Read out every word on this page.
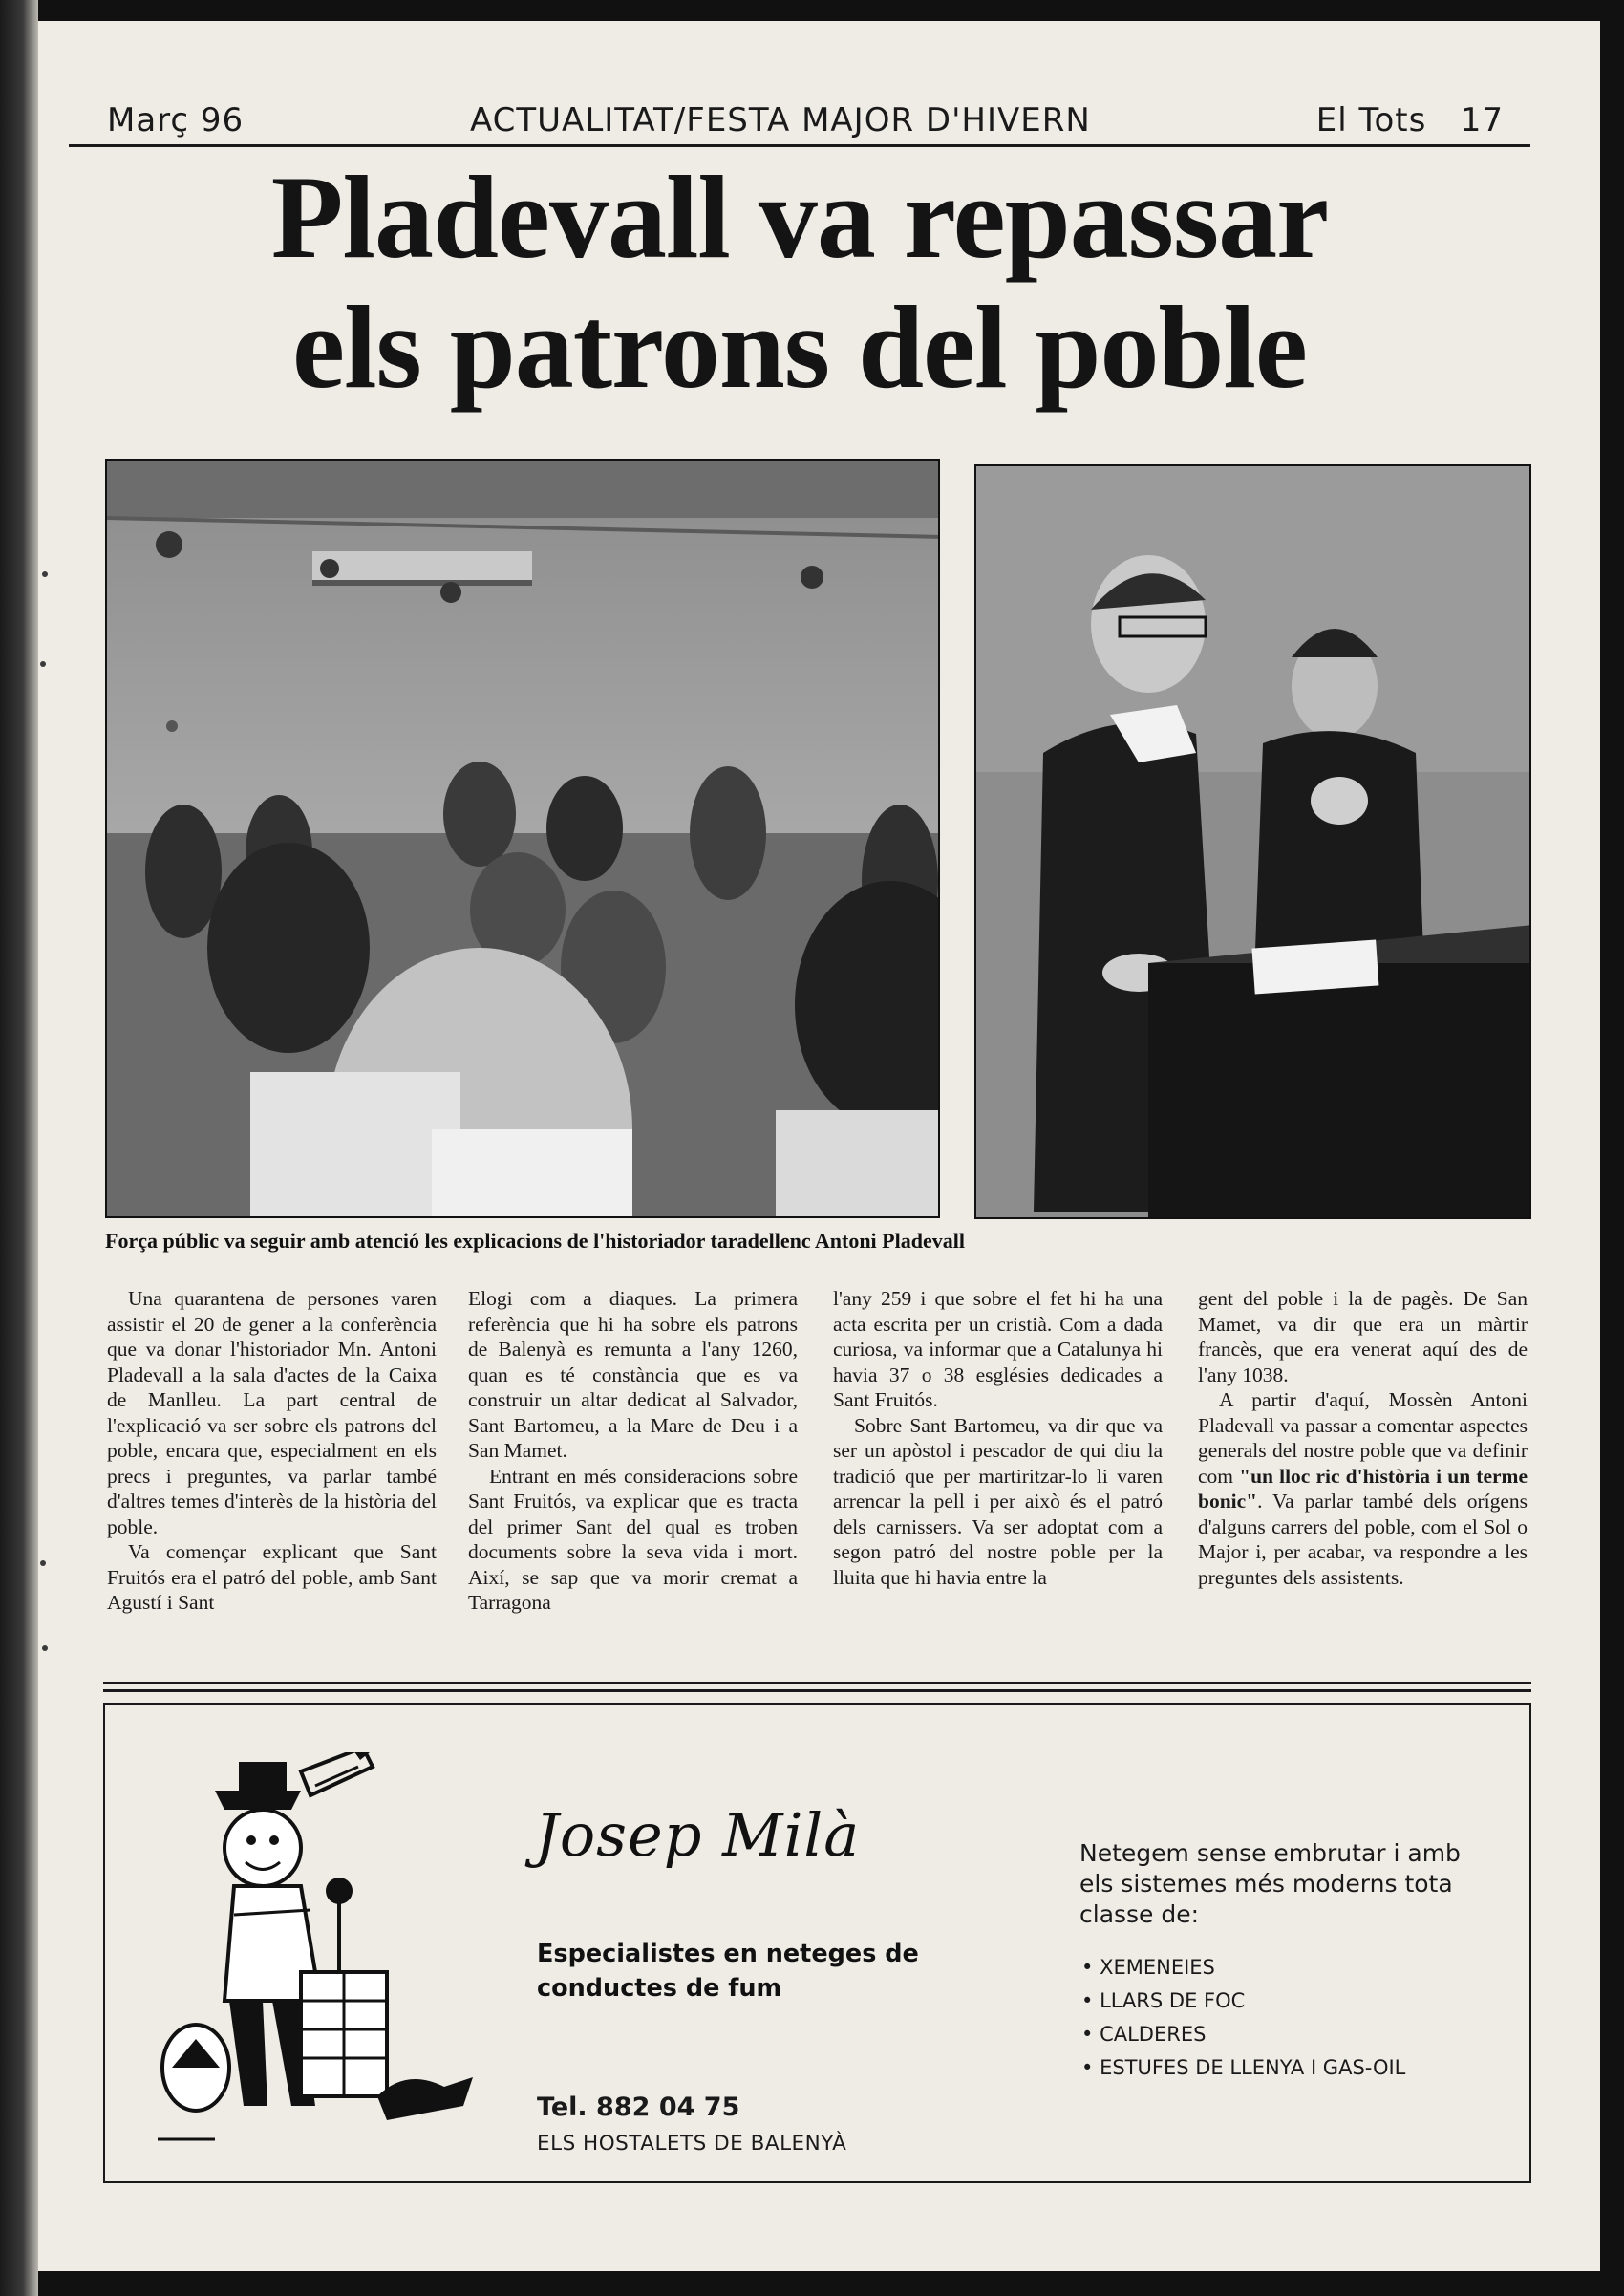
Març 96	ACTUALITAT/FESTA MAJOR D'HIVERN	El Tots   17
Pladevall va repassar
els patrons del poble
Força públic va seguir amb atenció les explicacions de l'historiador taradellenc Antoni Pladevall

Una quarantena de persones varen assistir el 20 de gener a la conferència que va donar l'historiador Mn. Antoni Pladevall a la sala d'actes de la Caixa de Manlleu. La part central de l'explicació va ser sobre els patrons del poble, encara que, especialment en els precs i preguntes, va parlar també d'altres temes d'interès de la història del poble.

Va començar explicant que Sant Fruitós era el patró del poble, amb Sant Agustí i Sant

Elogi com a diaques. La primera referència que hi ha sobre els patrons de Balenyà es remunta a l'any 1260, quan es té constància que es va construir un altar dedicat al Salvador, Sant Bartomeu, a la Mare de Deu i a San Mamet.

Entrant en més consideracions sobre Sant Fruitós, va explicar que es tracta del primer Sant del qual es troben documents sobre la seva vida i mort. Així, se sap que va morir cremat a Tarragona

l'any 259 i que sobre el fet hi ha una acta escrita per un cristià. Com a dada curiosa, va informar que a Catalunya hi havia 37 o 38 esglésies dedicades a Sant Fruitós.

Sobre Sant Bartomeu, va dir que va ser un apòstol i pescador de qui diu la tradició que per martiritzar-lo li varen arrencar la pell i per això és el patró dels carnissers. Va ser adoptat com a segon patró del nostre poble per la lluita que hi havia entre la

gent del poble i la de pagès. De San Mamet, va dir que era un màrtir francès, que era venerat aquí des de l'any 1038.

A partir d'aquí, Mossèn Antoni Pladevall va passar a comentar aspectes generals del nostre poble que va definir com "un lloc ric d'història i un terme bonic". Va parlar també dels orígens d'alguns carrers del poble, com el Sol o Major i, per acabar, va respondre a les preguntes dels assistents.

Josep Milà
Especialistes en neteges de conductes de fum
Tel. 882 04 75
ELS HOSTALETS DE BALENYÀ
Netegem sense embrutar i amb els sistemes més moderns tota classe de:
• XEMENEIES
• LLARS DE FOC
• CALDERES
• ESTUFES DE LLENYA I GAS-OIL
